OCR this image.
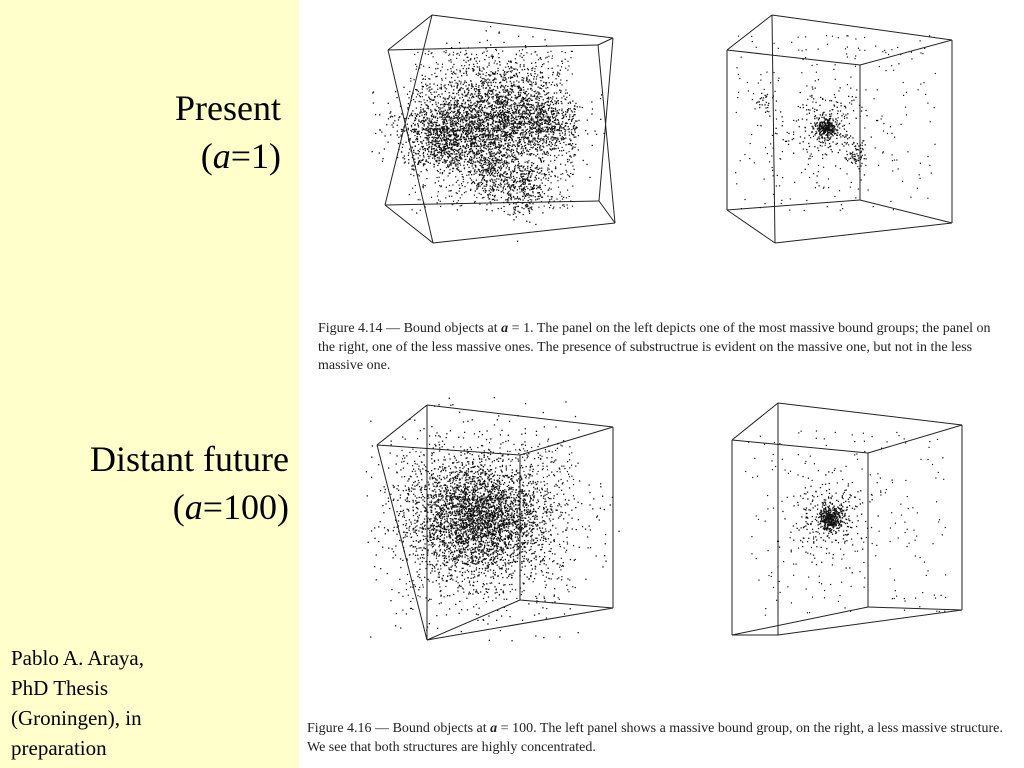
Present
(a=1)
Distant future
(a=100)
Pablo A. Araya,
PhD Thesis
(Groningen), in
preparation
Figure 4.14 — Bound objects at a = 1. The panel on the left depicts one of the most massive bound groups; the panel on the right, one of the less massive ones. The presence of substructrue is evident on the massive one, but not in the less massive one.
Figure 4.16 — Bound objects at a = 100. The left panel shows a massive bound group, on the right, a less massive structure. We see that both structures are highly concentrated.
